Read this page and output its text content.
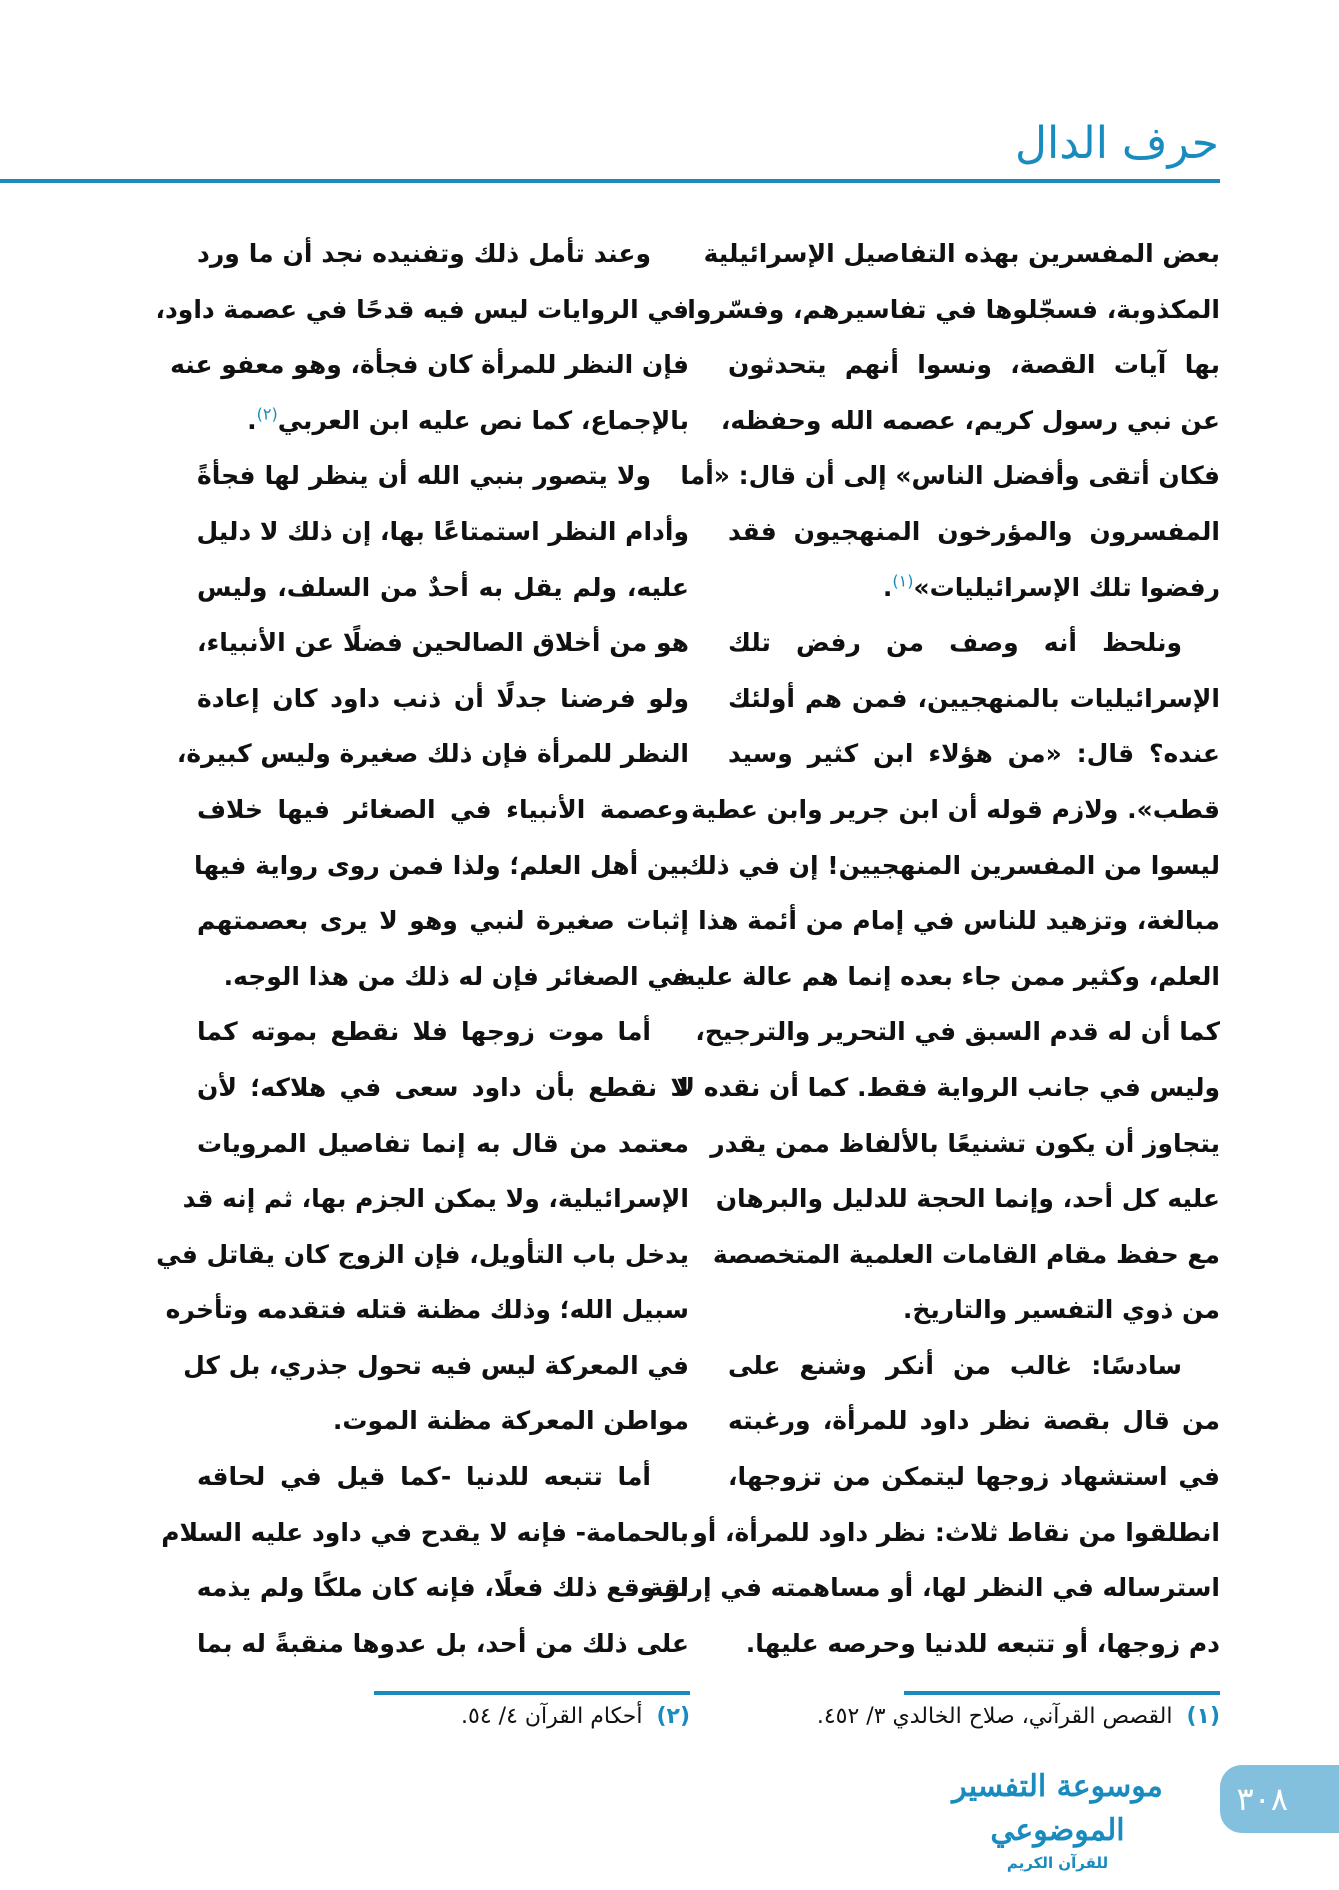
حرف الدال
بعض المفسرين بهذه التفاصيل الإسرائيلية
المكذوبة، فسجّلوها في تفاسيرهم، وفسّروا
بها آيات القصة، ونسوا أنهم يتحدثون
عن نبي رسول كريم، عصمه الله وحفظه،
فكان أتقى وأفضل الناس» إلى أن قال: «أما
المفسرون والمؤرخون المنهجيون فقد
رفضوا تلك الإسرائيليات»$^{(١)}$.
ونلحظ أنه وصف من رفض تلك
الإسرائيليات بالمنهجيين، فمن هم أولئك
عنده؟ قال: «من هؤلاء ابن كثير وسيد
قطب». ولازم قوله أن ابن جرير وابن عطية
ليسوا من المفسرين المنهجيين! إن في ذلك
مبالغة، وتزهيد للناس في إمام من أئمة هذا
العلم، وكثير ممن جاء بعده إنما هم عالة عليه،
كما أن له قدم السبق في التحرير والترجيح،
وليس في جانب الرواية فقط. كما أن نقده لا
يتجاوز أن يكون تشنيعًا بالألفاظ ممن يقدر
عليه كل أحد، وإنما الحجة للدليل والبرهان
مع حفظ مقام القامات العلمية المتخصصة
من ذوي التفسير والتاريخ.
سادسًا: غالب من أنكر وشنع على
من قال بقصة نظر داود للمرأة، ورغبته
في استشهاد زوجها ليتمكن من تزوجها،
انطلقوا من نقاط ثلاث: نظر داود للمرأة، أو
استرساله في النظر لها، أو مساهمته في إراقة
دم زوجها، أو تتبعه للدنيا وحرصه عليها.
وعند تأمل ذلك وتفنيده نجد أن ما ورد
في الروايات ليس فيه قدحًا في عصمة داود،
فإن النظر للمرأة كان فجأة، وهو معفو عنه
بالإجماع، كما نص عليه ابن العربي$^{(٢)}$.
ولا يتصور بنبي الله أن ينظر لها فجأةً
وأدام النظر استمتاعًا بها، إن ذلك لا دليل
عليه، ولم يقل به أحدٌ من السلف، وليس
هو من أخلاق الصالحين فضلًا عن الأنبياء،
ولو فرضنا جدلًا أن ذنب داود كان إعادة
النظر للمرأة فإن ذلك صغيرة وليس كبيرة،
وعصمة الأنبياء في الصغائر فيها خلاف
بين أهل العلم؛ ولذا فمن روى رواية فيها
إثبات صغيرة لنبي وهو لا يرى بعصمتهم
في الصغائر فإن له ذلك من هذا الوجه.
أما موت زوجها فلا نقطع بموته كما
لا نقطع بأن داود سعى في هلاكه؛ لأن
معتمد من قال به إنما تفاصيل المرويات
الإسرائيلية، ولا يمكن الجزم بها، ثم إنه قد
يدخل باب التأويل، فإن الزوج كان يقاتل في
سبيل الله؛ وذلك مظنة قتله فتقدمه وتأخره
في المعركة ليس فيه تحول جذري، بل كل
مواطن المعركة مظنة الموت.
أما تتبعه للدنيا -كما قيل في لحاقه
بالحمامة- فإنه لا يقدح في داود عليه السلام
لو وقع ذلك فعلًا، فإنه كان ملكًا ولم يذمه
على ذلك من أحد، بل عدوها منقبةً له بما
(١)القصص القرآني، صلاح الخالدي ٣/ ٤٥٢.
(٢)أحكام القرآن ٤/ ٥٤.
موسوعة التفسير الموضوعي
للقرآن الكريم
٣٠٨
